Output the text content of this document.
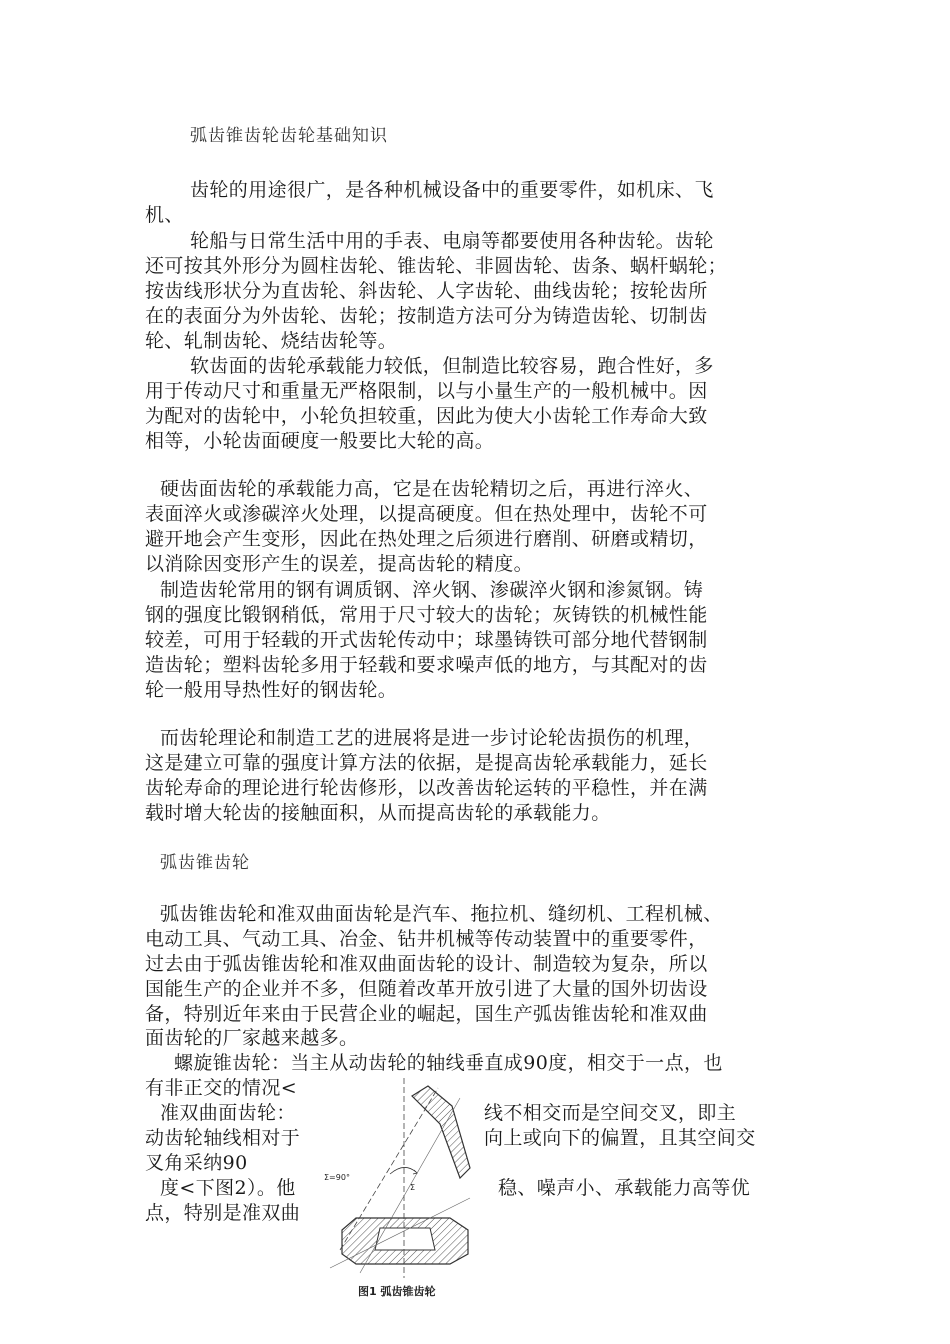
弧齿锥齿轮齿轮基础知识
齿轮的用途很广，是各种机械设备中的重要零件，如机床、飞
机、
轮船与日常生活中用的手表、电扇等都要使用各种齿轮。齿轮
还可按其外形分为圆柱齿轮、锥齿轮、非圆齿轮、齿条、蜗杆蜗轮；
按齿线形状分为直齿轮、斜齿轮、人字齿轮、曲线齿轮；按轮齿所
在的表面分为外齿轮、齿轮；按制造方法可分为铸造齿轮、切制齿
轮、轧制齿轮、烧结齿轮等。
软齿面的齿轮承载能力较低，但制造比较容易，跑合性好，多
用于传动尺寸和重量无严格限制，以与小量生产的一般机械中。因
为配对的齿轮中，小轮负担较重，因此为使大小齿轮工作寿命大致
相等，小轮齿面硬度一般要比大轮的高。
硬齿面齿轮的承载能力高，它是在齿轮精切之后，再进行淬火、
表面淬火或渗碳淬火处理，以提高硬度。但在热处理中，齿轮不可
避开地会产生变形，因此在热处理之后须进行磨削、研磨或精切，
以消除因变形产生的误差，提高齿轮的精度。
制造齿轮常用的钢有调质钢、淬火钢、渗碳淬火钢和渗氮钢。铸
钢的强度比锻钢稍低，常用于尺寸较大的齿轮；灰铸铁的机械性能
较差，可用于轻载的开式齿轮传动中；球墨铸铁可部分地代替钢制
造齿轮；塑料齿轮多用于轻载和要求噪声低的地方，与其配对的齿
轮一般用导热性好的钢齿轮。
而齿轮理论和制造工艺的进展将是进一步讨论轮齿损伤的机理，
这是建立可靠的强度计算方法的依据，是提高齿轮承载能力，延长
齿轮寿命的理论进行轮齿修形，以改善齿轮运转的平稳性，并在满
载时增大轮齿的接触面积，从而提高齿轮的承载能力。
弧齿锥齿轮
弧齿锥齿轮和准双曲面齿轮是汽车、拖拉机、缝纫机、工程机械、
电动工具、气动工具、冶金、钻井机械等传动装置中的重要零件，
过去由于弧齿锥齿轮和准双曲面齿轮的设计、制造较为复杂，所以
国能生产的企业并不多，但随着改革开放引进了大量的国外切齿设
备，特别近年来由于民营企业的崛起，国生产弧齿锥齿轮和准双曲
面齿轮的厂家越来越多。
螺旋锥齿轮：当主从动齿轮的轴线垂直成90度，相交于一点，也
有非正交的情况<
准双曲面齿轮：	线不相交而是空间交叉，即主
动齿轮轴线相对于	向上或向下的偏置，且其空间交
叉角采纳90
度<下图2）。他	稳、噪声小、承载能力高等优
点，特别是准双曲
Σ=90°
Σ
图1 弧齿锥齿轮
